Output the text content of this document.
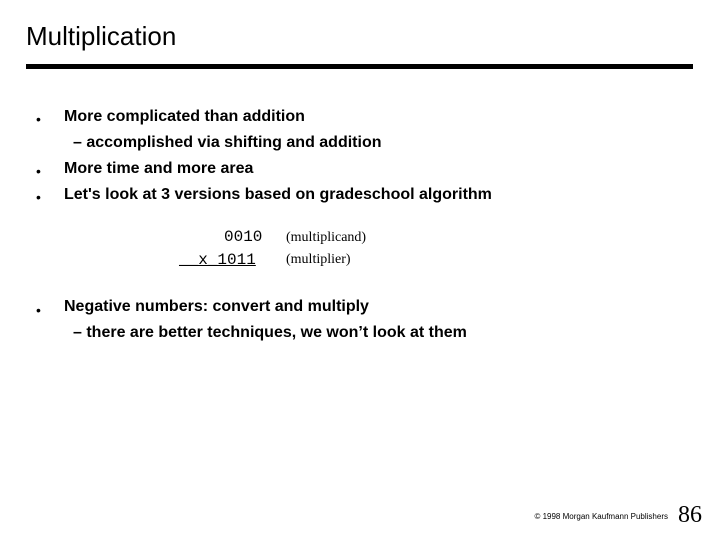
Multiplication
• More complicated than addition
– accomplished via shifting and addition
• More time and more area
• Let's look at 3 versions based on gradeschool algorithm
0010 (multiplicand)
__x_1011 (multiplier)
• Negative numbers: convert and multiply
– there are better techniques, we won’t look at them
© 1998 Morgan Kaufmann Publishers 86
